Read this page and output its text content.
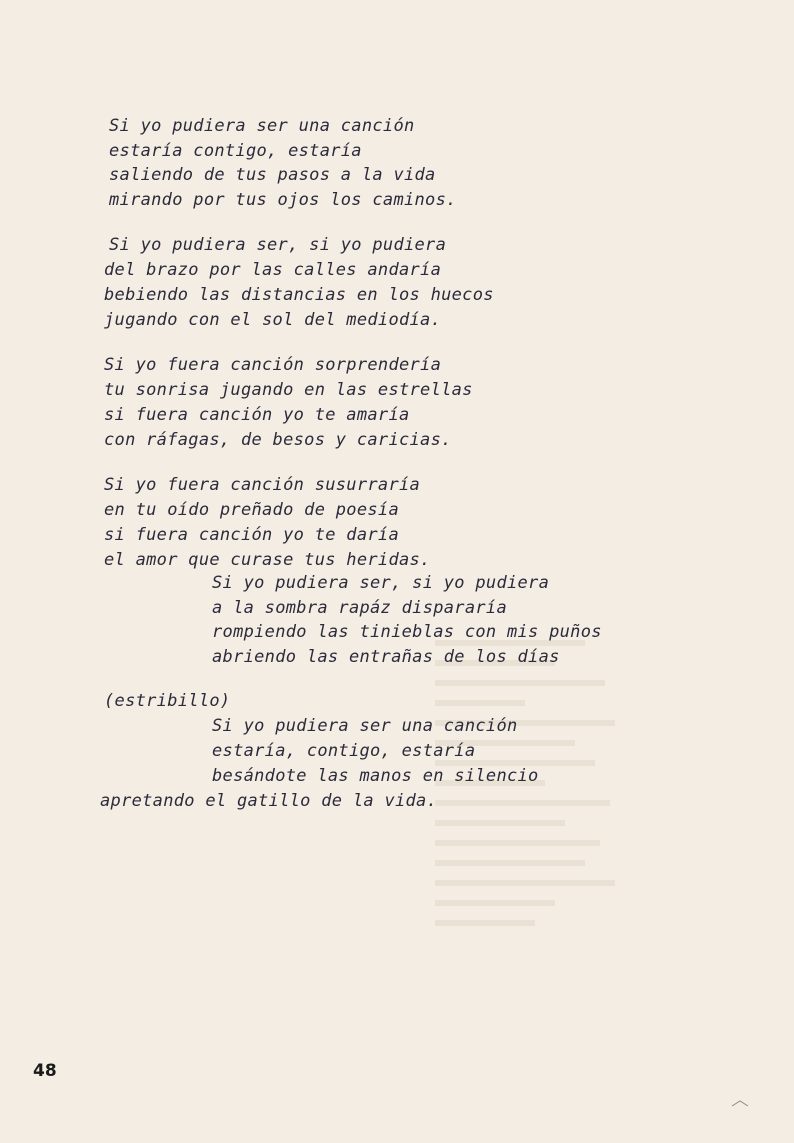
Si yo pudiera ser una canción
estaría contigo, estaría
saliendo de tus pasos a la vida
mirando por tus ojos los caminos.
Si yo pudiera ser, si yo pudiera
del brazo por las calles andaría
bebiendo las distancias en los huecos
jugando con el sol del mediodía.
Si yo fuera canción sorprendería
tu sonrisa jugando en las estrellas
si fuera canción yo te amaría
con ráfagas, de besos y caricias.
Si yo fuera canción susurraría
en tu oído preñado de poesía
si fuera canción yo te daría
el amor que curase tus heridas.
Si yo pudiera ser, si yo pudiera
a la sombra rapáz dispararía
rompiendo las tinieblas con mis puños
abriendo las entrañas de los días
(estribillo)
Si yo pudiera ser una canción
estaría, contigo, estaría
besándote las manos en silencio
apretando el gatillo de la vida.
48
